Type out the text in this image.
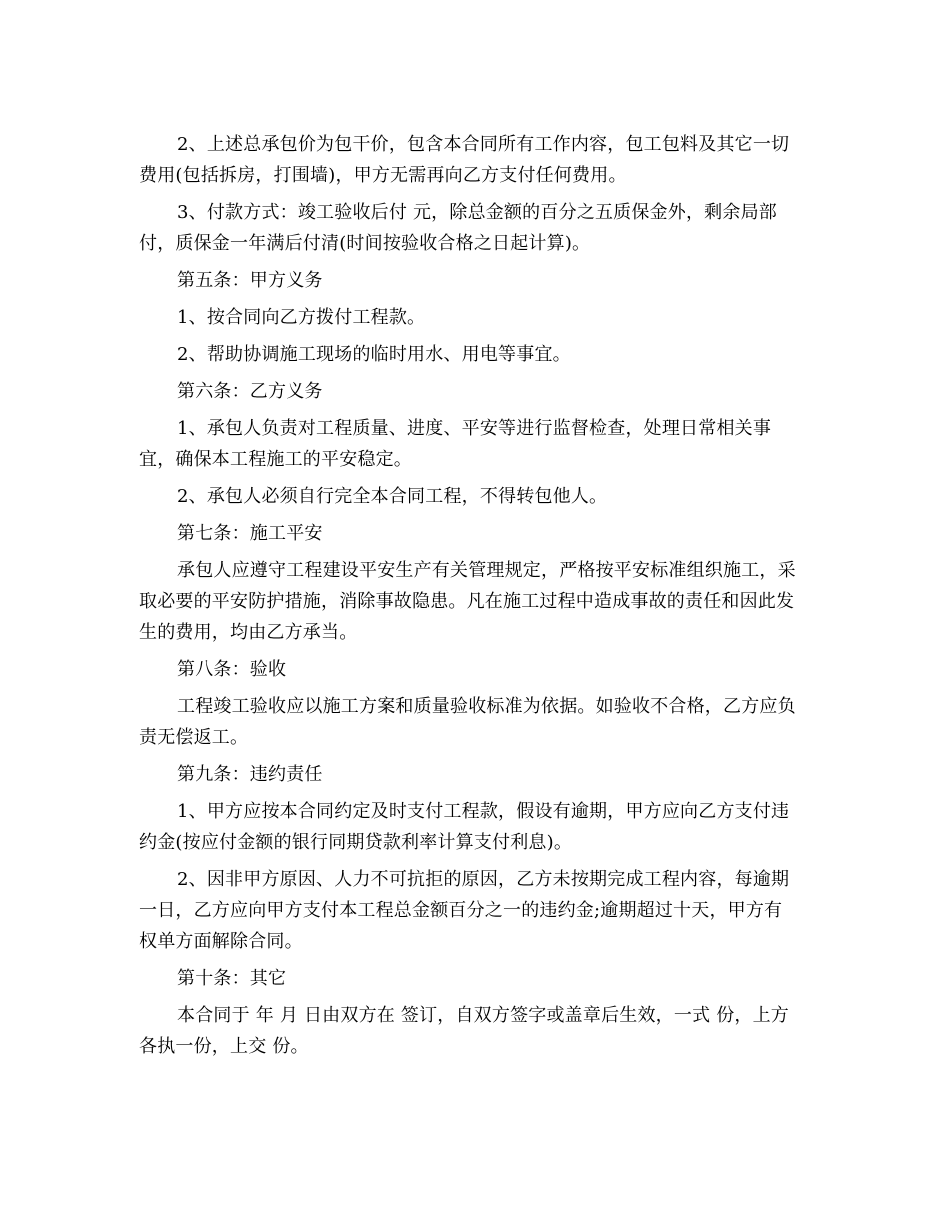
2、上述总承包价为包干价，包含本合同所有工作内容，包工包料及其它一切
费用(包括拆房，打围墙)，甲方无需再向乙方支付任何费用。

3、付款方式：竣工验收后付 元，除总金额的百分之五质保金外，剩余局部
付，质保金一年满后付清(时间按验收合格之日起计算)。

第五条：甲方义务

1、按合同向乙方拨付工程款。

2、帮助协调施工现场的临时用水、用电等事宜。

第六条：乙方义务

1、承包人负责对工程质量、进度、平安等进行监督检查，处理日常相关事
宜，确保本工程施工的平安稳定。

2、承包人必须自行完全本合同工程，不得转包他人。

第七条：施工平安

承包人应遵守工程建设平安生产有关管理规定，严格按平安标准组织施工，采
取必要的平安防护措施，消除事故隐患。凡在施工过程中造成事故的责任和因此发
生的费用，均由乙方承当。

第八条：验收

工程竣工验收应以施工方案和质量验收标准为依据。如验收不合格，乙方应负
责无偿返工。

第九条：违约责任

1、甲方应按本合同约定及时支付工程款，假设有逾期，甲方应向乙方支付违
约金(按应付金额的银行同期贷款利率计算支付利息)。

2、因非甲方原因、人力不可抗拒的原因，乙方未按期完成工程内容，每逾期
一日，乙方应向甲方支付本工程总金额百分之一的违约金;逾期超过十天，甲方有
权单方面解除合同。

第十条：其它

本合同于 年 月 日由双方在 签订，自双方签字或盖章后生效，一式 份，上方
各执一份，上交 份。
